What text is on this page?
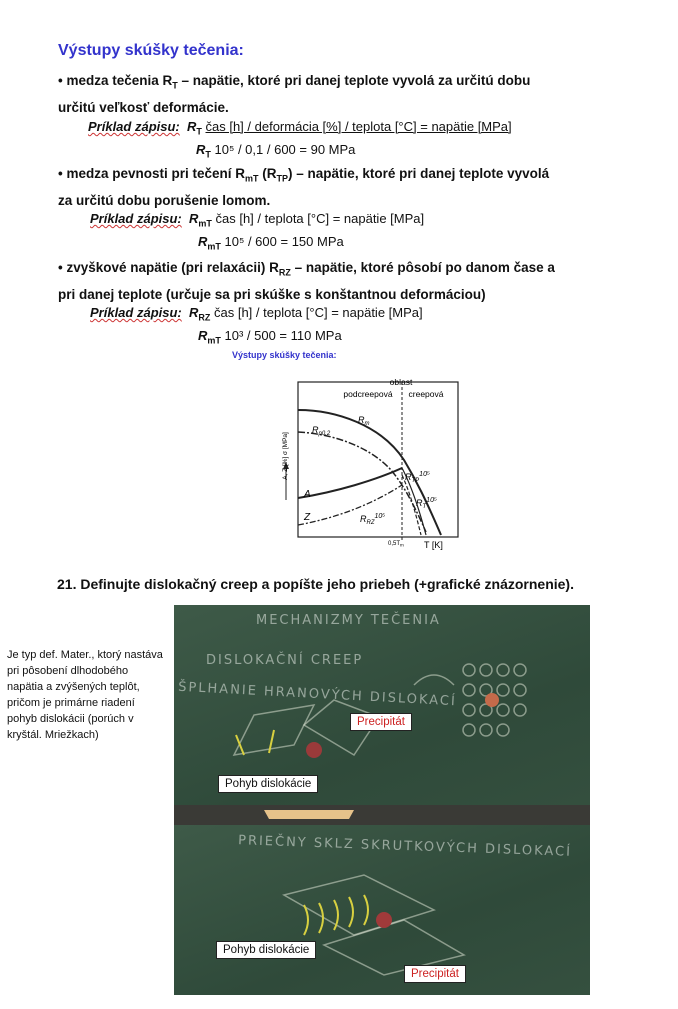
Výstupy skúšky tečenia:
• medza tečenia $R_T$ – napätie, ktoré pri danej teplote vyvolá za určitú dobu
určitú veľkosť deformácie.
Príklad zápisu: $R_T$ čas [h] / deformácia [%] / teplota [°C] = napätie [MPa]
$R_T$ 10⁵ / 0,1 / 600 = 90 MPa
• medza pevnosti pri tečení $R_{mT}$ $(R_{TP})$ – napätie, ktoré pri danej teplote vyvolá
za určitú dobu porušenie lomom.
Príklad zápisu: $R_{mT}$ čas [h] / teplota [°C] = napätie [MPa]
$R_{mT}$ 10⁵ / 600 = 150 MPa
• zvyškové napätie (pri relaxácii) $R_{RZ}$ – napätie, ktoré pôsobí po danom čase a
pri danej teplote (určuje sa pri skúške s konštantnou deformáciou)
Príklad zápisu: $R_{RZ}$ čas [h] / teplota [°C] = napätie [MPa]
$R_{mT}$ 10³ / 500 = 110 MPa
Výstupy skúšky tečenia:
A, Z [%] σ [MPa]
oblast
podcreepová creepová
$R_m$
$R_{p0,2}$
$R_{TP}^{10^5}$
$R_T^{10^5}$
$R_{RZ}^{10^5}$
A
Z
$0,5T_m$ T [K]
21. Definujte dislokačný creep a popíšte jeho priebeh (+grafické znázornenie).
Je typ def. Mater., ktorý nastáva pri pôsobení dlhodobého napätia a zvýšených teplôt, pričom je primárne riadení pohyb dislokácii (porúch v kryštál. Mriežkach)
MECHANIZMY TEČENIA
DISLOKAČNÍ CREEP
ŠPLHANIE HRANOVÝCH DISLOKACÍ
Precipitát
Pohyb dislokácie
PRIEČNY SKLZ SKRUTKOVÝCH DISLOKACÍ
Pohyb dislokácie
Precipitát
